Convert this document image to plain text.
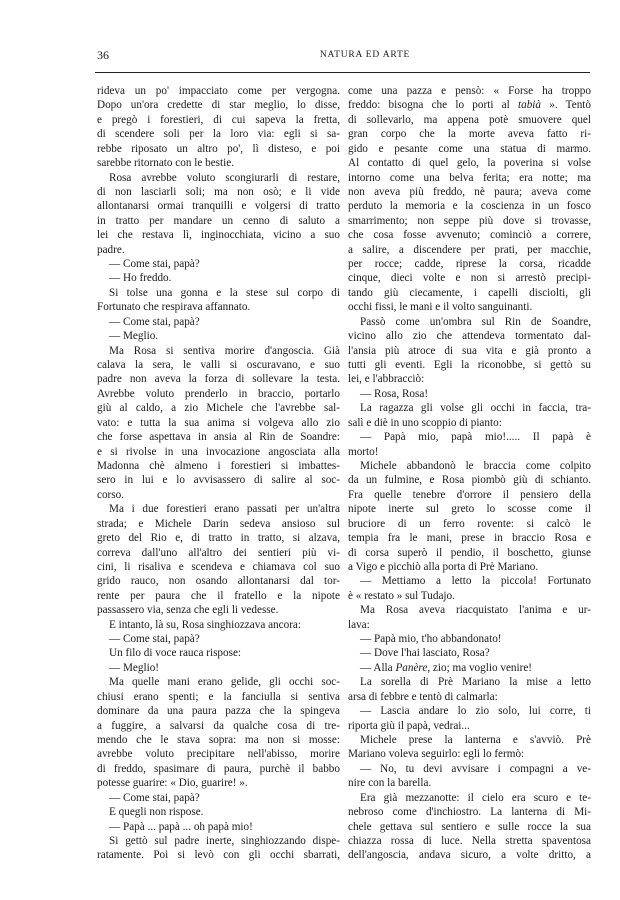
36	NATURA ED ARTE
rideva un po' impacciato come per vergogna.
Dopo un'ora credette di star meglio, lo disse,
e pregò i forestieri, di cui sapeva la fretta,
di scendere soli per la loro via: egli si sa-
rebbe riposato un altro po', lì disteso, e poi
sarebbe ritornato con le bestie.
Rosa avrebbe voluto scongiurarli di restare,
di non lasciarli soli; ma non osò; e li vide
allontanarsi ormai tranquilli e volgersi di tratto
in tratto per mandare un cenno di saluto a
lei che restava lì, inginocchiata, vicino a suo
padre.
— Come stai, papà?
— Ho freddo.
Si tolse una gonna e la stese sul corpo di
Fortunato che respirava affannato.
— Come stai, papà?
— Meglio.
Ma Rosa si sentiva morire d'angoscia. Già
calava la sera, le valli si oscuravano, e suo
padre non aveva la forza di sollevare la testa.
Avrebbe voluto prenderlo in braccio, portarlo
giù al caldo, a zio Michele che l'avrebbe sal-
vato: e tutta la sua anima si volgeva allo zio
che forse aspettava in ansia al Rin de Soandre:
e si rivolse in una invocazione angosciata alla
Madonna chè almeno i forestieri si imbattes-
sero in lui e lo avvisassero di salire al soc-
corso.
Ma i due forestieri erano passati per un'altra
strada; e Michele Darin sedeva ansioso sul
greto del Rio e, di tratto in tratto, si alzava,
correva dall'uno all'altro dei sentieri più vi-
cini, li risaliva e scendeva e chiamava col suo
grido rauco, non osando allontanarsi dal tor-
rente per paura che il fratello e la nipote
passassero via, senza che egli li vedesse.
E intanto, là su, Rosa singhiozzava ancora:
— Come stai, papà?
Un filo di voce rauca rispose:
— Meglio!
Ma quelle mani erano gelide, gli occhi soc-
chiusi erano spenti; e la fanciulla si sentiva
dominare da una paura pazza che la spingeva
a fuggire, a salvarsi da qualche cosa di tre-
mendo che le stava sopra: ma non si mosse:
avrebbe voluto precipitare nell'abisso, morire
di freddo, spasimare di paura, purchè il babbo
potesse guarire: « Dio, guarire! ».
— Come stai, papà?
E quegli non rispose.
— Papà ... papà ... oh papà mio!
Si gettò sul padre inerte, singhiozzando dispe-
ratamente. Poi si levò con gli occhi sbarrati,
come una pazza e pensò: « Forse ha troppo
freddo: bisogna che lo porti al tabià ». Tentò
di sollevarlo, ma appena potè smuovere quel
gran corpo che la morte aveva fatto ri-
gido e pesante come una statua di marmo.
Al contatto di quel gelo, la poverina si volse
intorno come una belva ferita; era notte; ma
non aveva più freddo, nè paura; aveva come
perduto la memoria e la coscienza in un fosco
smarrimento; non seppe più dove si trovasse,
che cosa fosse avvenuto; cominciò a correre,
a salire, a discendere per prati, per macchie,
per rocce; cadde, riprese la corsa, ricadde
cinque, dieci volte e non si arrestò precipi-
tando giù ciecamente, i capelli disciolti, gli
occhi fissi, le mani e il volto sanguinanti.
Passò come un'ombra sul Rin de Soandre,
vicino allo zio che attendeva tormentato dal-
l'ansia più atroce di sua vita e già pronto a
tutti gli eventi. Egli la riconobbe, si gettò su
lei, e l'abbracciò:
— Rosa, Rosa!
La ragazza gli volse gli occhi in faccia, tra-
salì e diè in uno scoppio di pianto:
— Papà mio, papà mio!..... Il papà è
morto!
Michele abbandonò le braccia come colpito
da un fulmine, e Rosa piombò giù di schianto.
Fra quelle tenebre d'orrore il pensiero della
nipote inerte sul greto lo scosse come il
bruciore di un ferro rovente: si calcò le
tempia fra le mani, prese in braccio Rosa e
di corsa superò il pendio, il boschetto, giunse
a Vigo e picchiò alla porta di Prè Mariano.
— Mettiamo a letto la piccola! Fortunato
è « restato » sul Tudajo.
Ma Rosa aveva riacquistato l'anima e ur-
lava:
— Papà mio, t'ho abbandonato!
— Dove l'hai lasciato, Rosa?
— Alla Panère, zio; ma voglio venire!
La sorella di Prè Mariano la mise a letto
arsa di febbre e tentò di calmarla:
— Lascia andare lo zio solo, lui corre, ti
riporta giù il papà, vedrai...
Michele prese la lanterna e s'avviò. Prè
Mariano voleva seguirlo: egli lo fermò:
— No, tu devi avvisare i compagni a ve-
nire con la barella.
Era già mezzanotte: il cielo era scuro e te-
nebroso come d'inchiostro. La lanterna di Mi-
chele gettava sul sentiero e sulle rocce la sua
chiazza rossa di luce. Nella stretta spaventosa
dell'angoscia, andava sicuro, a volte dritto, a
